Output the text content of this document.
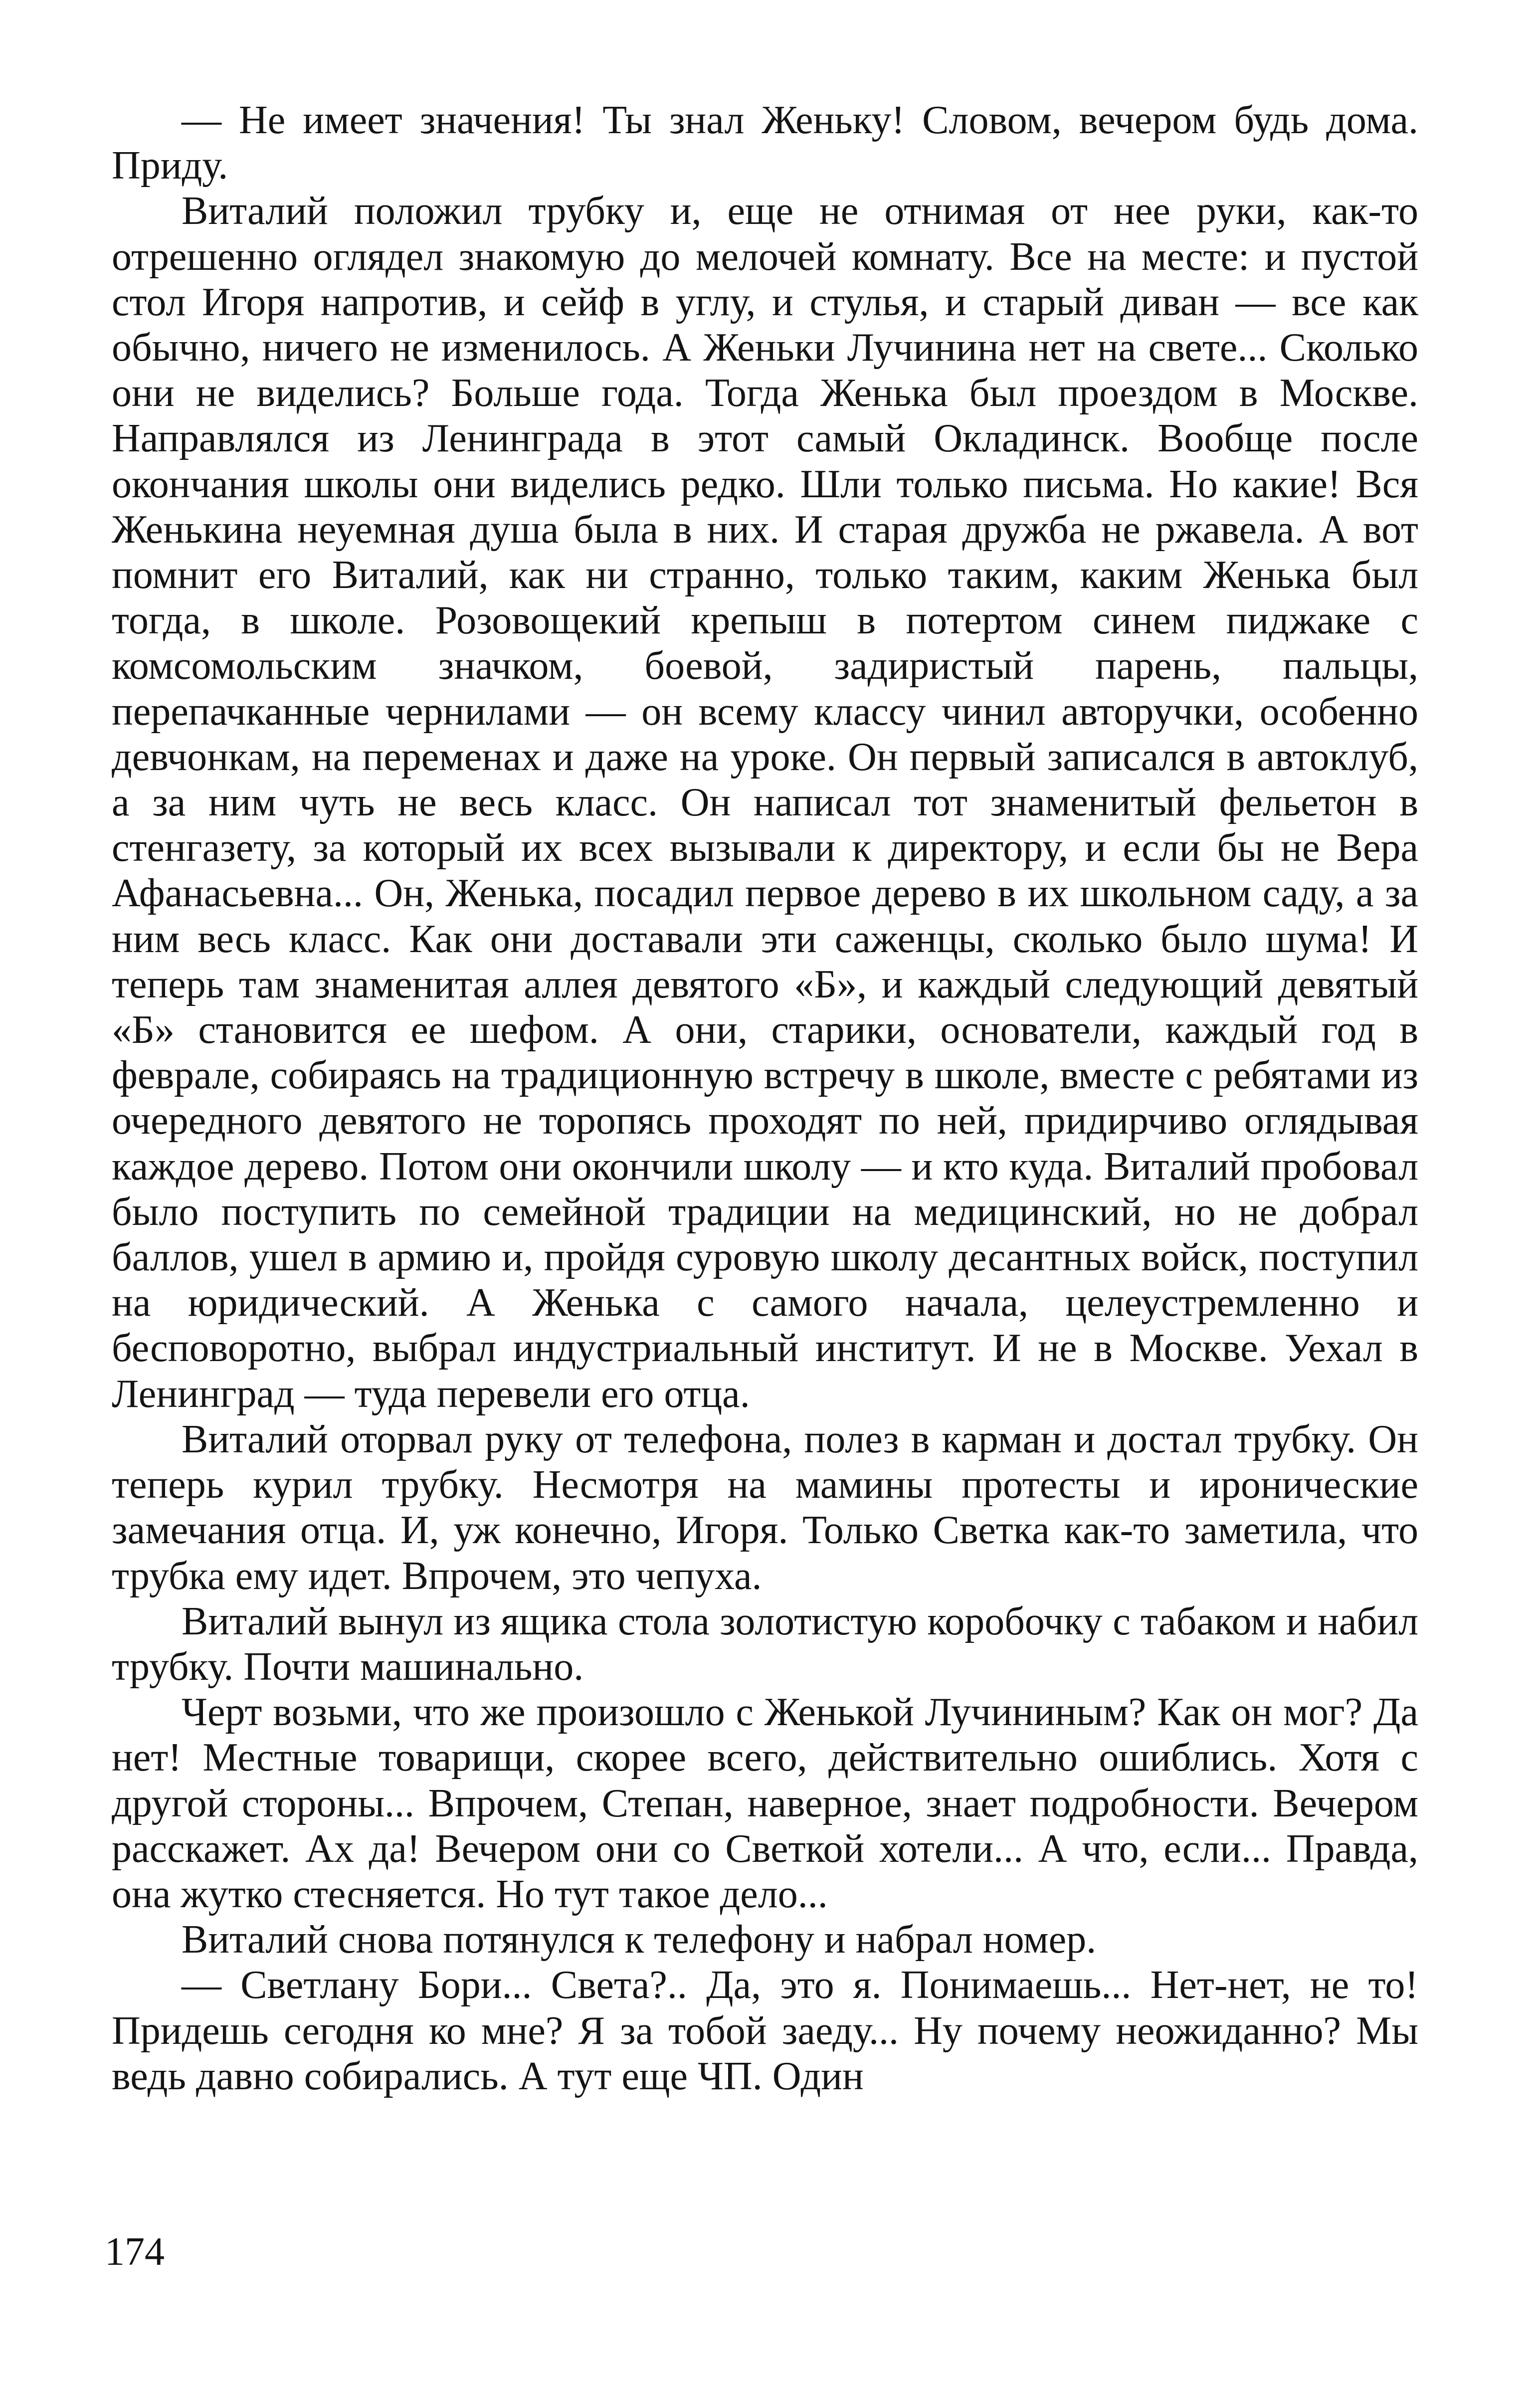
— Не имеет значения! Ты знал Женьку! Словом, вечером будь дома. Приду.

Виталий положил трубку и, еще не отнимая от нее руки, как-то отрешенно оглядел знакомую до мелочей комнату. Все на месте: и пустой стол Игоря напротив, и сейф в углу, и стулья, и старый диван — все как обычно, ничего не изменилось. А Женьки Лучинина нет на свете... Сколько они не виделись? Больше года. Тогда Женька был проездом в Москве. Направлялся из Ленинграда в этот самый Окладинск. Вообще после окончания школы они виделись редко. Шли только письма. Но какие! Вся Женькина неуемная душа была в них. И старая дружба не ржавела. А вот помнит его Виталий, как ни странно, только таким, каким Женька был тогда, в школе. Розовощекий крепыш в потертом синем пиджаке с комсомольским значком, боевой, задиристый парень, пальцы, перепачканные чернилами — он всему классу чинил авторучки, особенно девчонкам, на переменах и даже на уроке. Он первый записался в автоклуб, а за ним чуть не весь класс. Он написал тот знаменитый фельетон в стенгазету, за который их всех вызывали к директору, и если бы не Вера Афанасьевна... Он, Женька, посадил первое дерево в их школьном саду, а за ним весь класс. Как они доставали эти саженцы, сколько было шума! И теперь там знаменитая аллея девятого «Б», и каждый следующий девятый «Б» становится ее шефом. А они, старики, основатели, каждый год в феврале, собираясь на традиционную встречу в школе, вместе с ребятами из очередного девятого не торопясь проходят по ней, придирчиво оглядывая каждое дерево. Потом они окончили школу — и кто куда. Виталий пробовал было поступить по семейной традиции на медицинский, но не добрал баллов, ушел в армию и, пройдя суровую школу десантных войск, поступил на юридический. А Женька с самого начала, целеустремленно и бесповоротно, выбрал индустриальный институт. И не в Москве. Уехал в Ленинград — туда перевели его отца.

Виталий оторвал руку от телефона, полез в карман и достал трубку. Он теперь курил трубку. Несмотря на мамины протесты и иронические замечания отца. И, уж конечно, Игоря. Только Светка как-то заметила, что трубка ему идет. Впрочем, это чепуха.

Виталий вынул из ящика стола золотистую коробочку с табаком и набил трубку. Почти машинально.

Черт возьми, что же произошло с Женькой Лучининым? Как он мог? Да нет! Местные товарищи, скорее всего, действительно ошиблись. Хотя с другой стороны... Впрочем, Степан, наверное, знает подробности. Вечером расскажет. Ах да! Вечером они со Светкой хотели... А что, если... Правда, она жутко стесняется. Но тут такое дело...

Виталий снова потянулся к телефону и набрал номер.

— Светлану Бори... Света?.. Да, это я. Понимаешь... Нет-нет, не то! Придешь сегодня ко мне? Я за тобой заеду... Ну почему неожиданно? Мы ведь давно собирались. А тут еще ЧП. Один

174
